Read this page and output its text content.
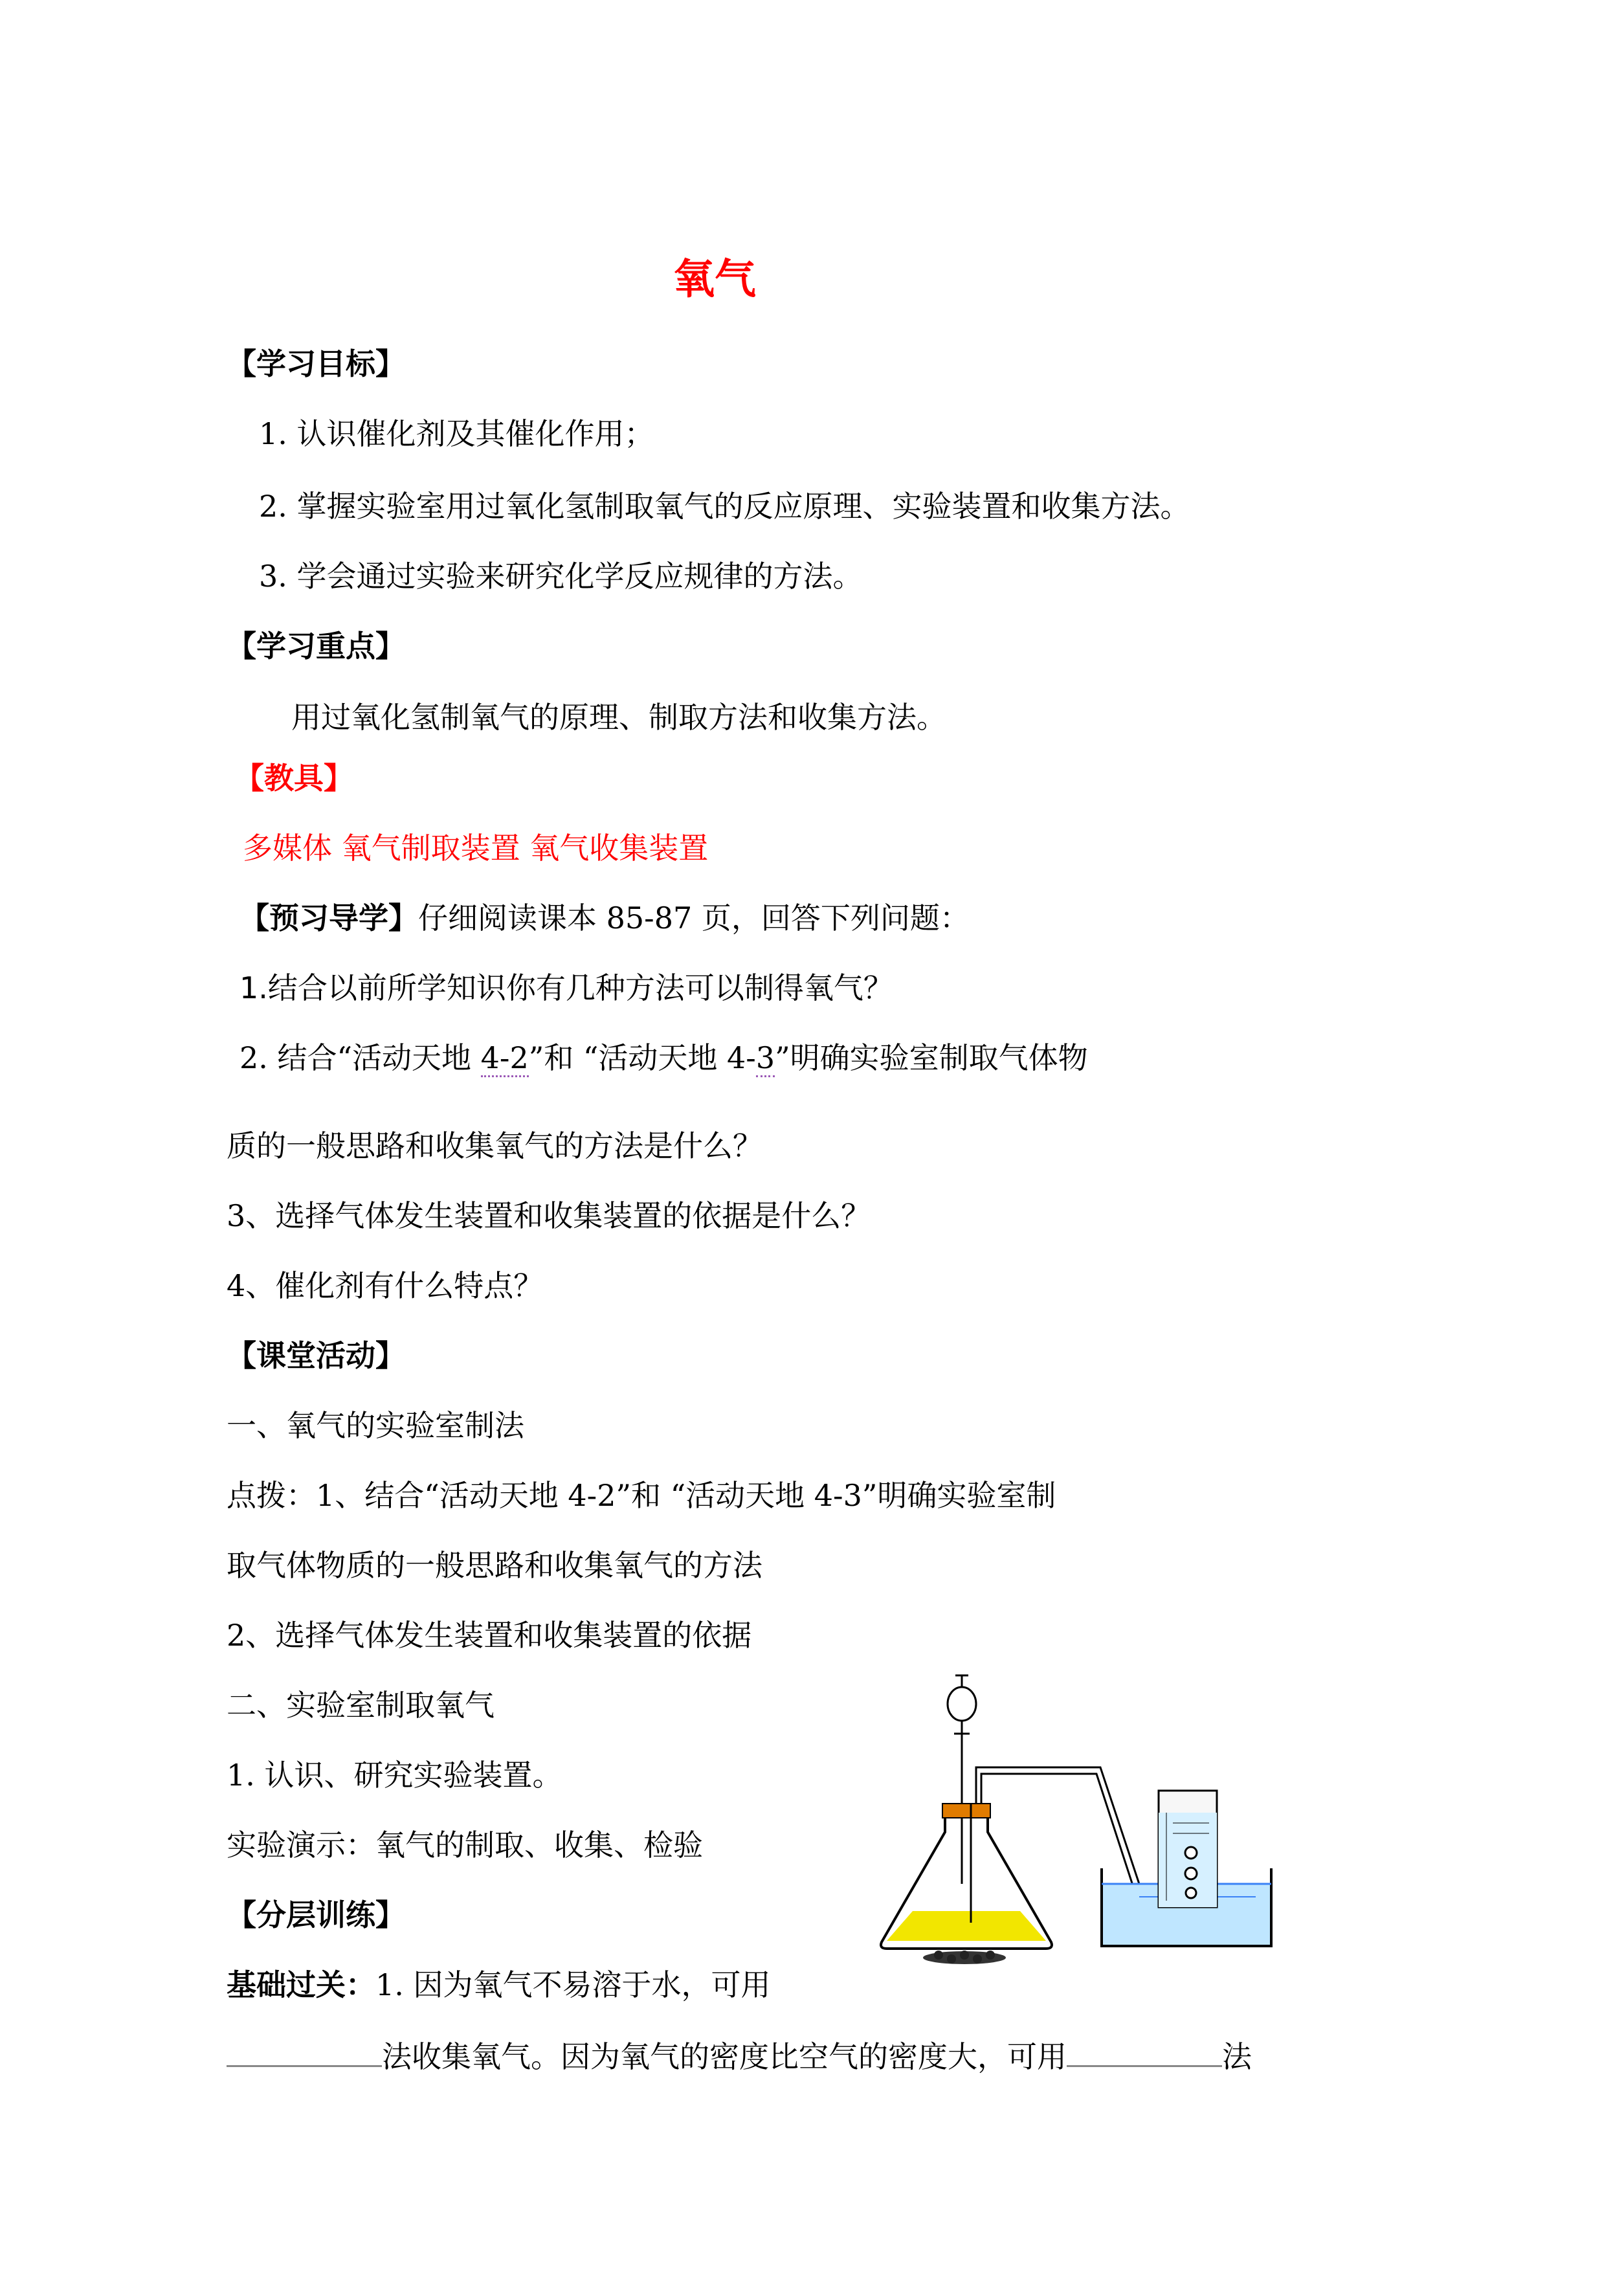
氧气
【学习目标】
1. 认识催化剂及其催化作用；
2. 掌握实验室用过氧化氢制取氧气的反应原理、实验装置和收集方法。
3. 学会通过实验来研究化学反应规律的方法。
【学习重点】
用过氧化氢制氧气的原理、制取方法和收集方法。
【教具】
多媒体 氧气制取装置 氧气收集装置
【预习导学】仔细阅读课本 85-87 页，回答下列问题：
1.结合以前所学知识你有几种方法可以制得氧气？
2. 结合“活动天地 4-2”和 “活动天地 4-3”明确实验室制取气体物
质的一般思路和收集氧气的方法是什么？
3、选择气体发生装置和收集装置的依据是什么？
4、催化剂有什么特点？
【课堂活动】
一、氧气的实验室制法
点拨：1、结合“活动天地 4-2”和 “活动天地 4-3”明确实验室制
取气体物质的一般思路和收集氧气的方法
2、选择气体发生装置和收集装置的依据
二、实验室制取氧气
1. 认识、研究实验装置。
实验演示：氧气的制取、收集、检验
【分层训练】
基础过关：1. 因为氧气不易溶于水，可用
法收集氧气。因为氧气的密度比空气的密度大，可用	法
